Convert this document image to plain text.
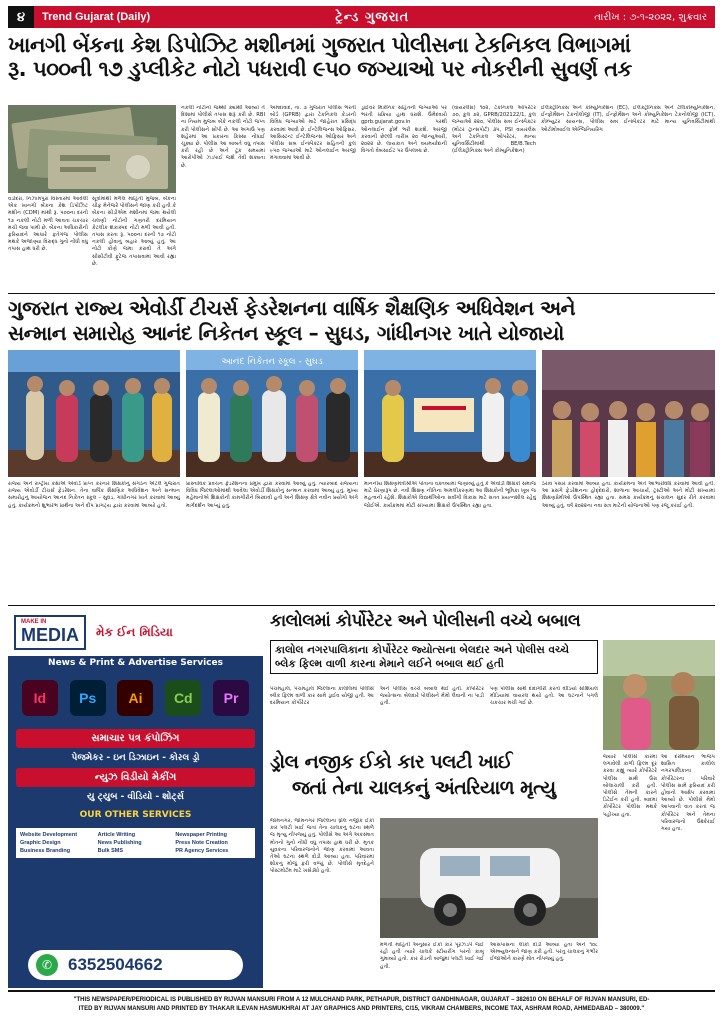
૪	Trend Gujarat (Daily)	ટ્રેન્ડ ગુજરાત	તારીખ : ૭-૧-૨૦૨૨, શુક્રવાર
ખાનગી બેંકના કેશ ડિપોઝિટ મશીનમાં ગુજરાત પોલીસના ટેકનિકલ વિભાગમાં
રૂ. ૫૦૦ની ૧૭ ડુપ્લીકેટ નોટો પધરાવી ૯૫૦ જગ્યાઓ પર નોકરીની સુવર્ણ તક
વડોદરા, નિઝામપુરા વિસ્તારમાં આવેલી એક ખાનગી બેંકના કેશ ડિપોઝિટ મશીન (CDM) માંથી રૂ. ૫૦૦ના દરની ૧૭ નકલી નોટો મળી આવતા ચકચાર મચી જવા પામી છે. બેંકના અધિકારીની ફરિયાદને આધારે ફતેગંજ પોલીસ મથકે અજાણ્યા વિરુદ્ધ ગુનો નોંધી વધુ તપાસ હાથ ધરી છે.
સૂત્રોમાંથી મળેલ માહિતી મુજબ, બેંકના ચીફ મેનેજરે પોલીસને જાણ કરી હતી કે બેંકના સીડીએમ મશીનમાં જમા થયેલી ચલણી નોટોની ગણતરી દરમિયાન કેટલીક શંકાસ્પદ નોટો મળી આવી હતી. તપાસ કરતા રૂ. ૫૦૦ના દરની ૧૭ નોટો નકલી હોવાનું બહાર આવ્યું હતું. આ નોટો કોણે જમા કરાવી તે અંગે સીસીટીવી ફૂટેજ તપાસવામાં આવી રહ્યા છે.
નકલી નોટોનો જથ્થો ક્યાંથી આવ્યો તે દિશામાં પોલીસે તપાસ શરૂ કરી છે. RBI ના નિયમ મુજબ બેંકે નકલી નોટો જપ્ત કરી પોલીસને સોંપી છે. આ અગાઉ પણ શહેરમાં આ પ્રકારના કિસ્સા નોંધાઈ ચૂક્યા છે. પોલીસ આ બાબતે વધુ તપાસ કરી રહી છે અને ટૂંક સમયમાં આરોપીઓ ઝડપાઈ જશે તેવી શક્યતા છે.
અમદાવાદ, તા. ૭ ગુજરાત પોલીસ ભરતી બોર્ડ (GPRB) દ્વારા ટેકનિકલ કેડરની વિવિધ જગ્યાઓ માટે જાહેરાત પ્રસિદ્ધ કરવામાં આવી છે. ઈન્ટેલિજન્સ ઓફિસર, આસિસ્ટન્ટ ઈન્ટેલિજન્સ ઓફિસર અને પોલીસ સબ ઈન્સ્પેક્ટર સહિતની કુલ ૯૫૦ જગ્યાઓ માટે ઓનલાઈન અરજી મંગાવવામાં આવી છે.
ડ્રાઈવર મિકેનિક સહિતની જગ્યાઓ પર ભરતી પ્રક્રિયા હાથ ધરાશે. ઉમેદવારો gprb.gujarat.gov.in પરથી ઓનલાઈન ફોર્મ ભરી શકશે. અરજી કરવાની છેલ્લી તારીખ ૨૦ જાન્યુઆરી, ૨૦૨૨ છે. લાયકાત અને વયમર્યાદાની વિગતો વેબસાઈટ પર ઉપલબ્ધ છે.
(વાયરલેસ) ૧૦૨, ટેકનિકલ ઓપરેટર ૭૦, કુલ ૭૨, GPRB/202122/1, કુલ જગ્યાઓ ૨૨૦, પોલીસ સબ ઈન્સ્પેક્ટર (મોટર ટ્રાન્સપોર્ટ) ૩૫, PSI વાયરલેસ અને ટેકનિકલ ઓપરેટર, માન્ય યુનિવર્સિટીમાંથી BE/B.Tech (ઈલેક્ટ્રોનિક્સ અને કોમ્યુનિકેશન)
ઈલેક્ટ્રોનિક્સ અને કોમ્યુનિકેશન (EC), ઈલેક્ટ્રોનિક્સ અને ટેલિકોમ્યુનિકેશન, ઈન્ફોર્મેશન ટેકનોલોજી (IT), ઈન્ફોર્મેશન અને કોમ્યુનિકેશન ટેકનોલોજી (ICT), કોમ્પ્યુટર સાયન્સ, પોલીસ સબ ઈન્સ્પેક્ટર માટે માન્ય યુનિવર્સિટીમાંથી ઓટોમોબાઈલ એન્જિનિયરિંગ
ગુજરાત રાજ્ય એવોર્ડી ટીચર્સ ફેડરેશનના વાર્ષિક શૈક્ષણિક અધિવેશન અને
સન્માન સમારોહ આનંદ નિકેતન સ્કૂલ – સુઘડ, ગાંધીનગર ખાતે યોજાયો
આનંદ નિકેતન સ્કૂલ - સુઘડ
રાજ્ય અને રાષ્ટ્રીય કક્ષાએ એવોર્ડ પ્રાપ્ત કરનાર શિક્ષકોનું સંગઠન એટલે ગુજરાત રાજ્ય એવોર્ડી ટીચર્સ ફેડરેશન. તેના વાર્ષિક શૈક્ષણિક અધિવેશન અને સન્માન સમારોહનું આયોજન આનંદ નિકેતન સ્કૂલ – સુઘડ, ગાંધીનગર ખાતે કરવામાં આવ્યું હતું. કાર્યક્રમનો શુભારંભ પ્રાર્થના અને દીપ પ્રાગટ્ય દ્વારા કરવામાં આવ્યો હતો.
પ્રાસ્તાવિક પ્રવચન ફેડરેશનના પ્રમુખ દ્વારા કરવામાં આવ્યું હતું. ત્યારબાદ રાજ્યના વિવિધ જિલ્લાઓમાંથી આવેલા એવોર્ડી શિક્ષકોનું સન્માન કરવામાં આવ્યું હતું. મુખ્ય મહેમાનોએ શિક્ષકોની કામગીરીને બિરદાવી હતી અને શિક્ષણ ક્ષેત્રે નવીન પ્રયોગો અંગે માર્ગદર્શન આપ્યું હતું.
માનનીય શિક્ષણમંત્રીશ્રીએ પોતાના વક્તવ્યમાં જણાવ્યું હતું કે એવોર્ડી શિક્ષકો સમાજ માટે પ્રેરણારૂપ છે. નવી શિક્ષણ નીતિના અમલીકરણમાં આ શિક્ષકોની ભૂમિકા ખૂબ જ મહત્વની રહેશે. શિક્ષકોએ વિદ્યાર્થીઓના સર્વાંગી વિકાસ માટે સતત પ્રયત્નશીલ રહેવું જોઈએ. કાર્યક્રમમાં મોટી સંખ્યામાં શિક્ષકો ઉપસ્થિત રહ્યા હતા.
ઠરાવ પસાર કરવામાં આવ્યા હતા. કાર્યક્રમના અંતે આભારવિધિ કરવામાં આવી હતી. આ પ્રસંગે ફેડરેશનના હોદ્દેદારો, શાળાના આચાર્ય, ટ્રસ્ટીઓ અને મોટી સંખ્યામાં શિક્ષણપ્રેમીઓ ઉપસ્થિત રહ્યા હતા. સમગ્ર કાર્યક્રમનું સંચાલન સુંદર રીતે કરવામાં આવ્યું હતું. વર્ષ ૨૦૨૨ના નવા સત્ર માટેની યોજનાઓ પણ રજૂ કરાઈ હતી.
MAKE IN
MEDIA મેક ઈન મિડિયા
News & Print & Advertise Services
Id	Ps	Ai	Cd	Pr
સમાચાર પત્ર કંપોઝિંગ
પેજમેકર - ઇન ડિઝાઇન - કોરલ ડ્રો
ન્યુઝ વિડીયો મેકીંગ
યુ ટ્યુબ - વીડિયો - શોર્ટ્સ
OUR OTHER SERVICES
Website Development	Article Writing	Newspaper Printing
Graphic Design	News Publishing	Press Note Creation
Business Branding	Bulk SMS	PR Agency Services
✆ 6352504662
કાલોલમાં કોર્પોરેટર અને પોલીસની વચ્ચે બબાલ
કાલોલ નગરપાલિકાના કોર્પોરેટર જ્યોત્સના બેલદાર અને પોલીસ વચ્ચે બ્લેક ફિલ્મ વાળી કારના મેમાને લઈને બબાલ થઈ હતી
પંચમહાલ, પંચમહાલ જિલ્લાના કાલોલમાં પોલીસે બ્લેક ફિલ્મ વાળી કાર સામે ડ્રાઈવ યોજી હતી. આ દરમિયાન કોર્પોરેટર
અને પોલીસ વચ્ચે બબાલ થઈ હતી. કોર્પોરેટર જ્યોત્સના બેલદારે પોલીસને મેમો લેવાની ના પાડી હતી.
પણ પોલીસ સાથે દાદાગીરી કરતો વીડિયો સોશિયલ મીડિયામાં વાયરલ થયો હતો. આ ઘટનાને પગલે ચકચાર મચી ગઈ છે.
જ્યારે પોલીસે કારમાં લગાવેલી કાળી ફિલ્મ દૂર કરવા કહ્યું ત્યારે કોર્પોરેટરે પોલીસ સાથે ઉગ્ર બોલાચાલી કરી હતી. પોલીસે તેમની કારને ડિટેઈન કરી હતી. બાદમાં કોર્પોરેટર પોલીસ મથકે પહોંચ્યા હતા.
આ દરમિયાન ભાજપ શાસિત કાલોલ નગરપાલિકાના કોર્પોરેટરના પરિવારે પોલીસ સામે ફરિયાદ કરી હોવાનો આક્ષેપ કરવામાં આવ્યો છે. પોલીસે મેમો આપવાની વાત કરતાં જ કોર્પોરેટર અને તેમના પરિવારજનો ઉશ્કેરાઈ ગયા હતા.
ડ્રોલ નજીક ઈકો કાર પલટી ખાઈ
જતાં તેના ચાલકનું અંતરિયાળ મૃત્યુ
જામનગર, જામનગર જિલ્લાના ધ્રોલ નજીક ઈકો કાર પલટી ખાઈ જતાં તેના ચાલકનું ઘટના સ્થળે જ મૃત્યુ નીપજ્યું હતું. પોલીસે આ અંગે અકસ્માત મોતનો ગુનો નોંધી વધુ તપાસ હાથ ધરી છે. મૃતક યુવકના પરિવારજનોને જાણ કરવામાં આવતા તેઓ ઘટના સ્થળે દોડી આવ્યા હતા. પરિવારમાં શોકનું મોજું ફરી વળ્યું છે. પોલીસે મૃતદેહને પોસ્ટમોર્ટમ માટે ખસેડ્યો હતો.
મળતી માહિતી અનુસાર ઈકો કાર પૂરઝડપે જઈ રહી હતી ત્યારે ચાલકે સ્ટીયરીંગ પરનો કાબૂ ગુમાવ્યો હતો. કાર રોડની બાજુમાં પલટી ખાઈ ગઈ હતી.
આસપાસના લોકો દોડી આવ્યા હતા અને ૧૦૮ એમ્બ્યુલન્સને જાણ કરી હતી. પરંતુ ચાલકનું ગંભીર ઈજાઓને કારણે મોત નીપજ્યું હતું.
"THIS NEWSPAPER/PERIODICAL IS PUBLISHED BY RIJVAN MANSURI FROM A 12 MULCHAND PARK, PETHAPUR, DISTRICT GANDHINAGAR, GUJARAT – 382610 ON BEHALF OF RIJVAN MANSURI, ED-
ITED BY RIJVAN MANSURI AND PRINTED BY THAKAR ILEVAN HASMUKHRAI AT JAY GRAPHICS AND PRINTERS, C/15, VIKRAM CHAMBERS, INCOME TAX, ASHRAM ROAD, AHMEDABAD – 380009."
